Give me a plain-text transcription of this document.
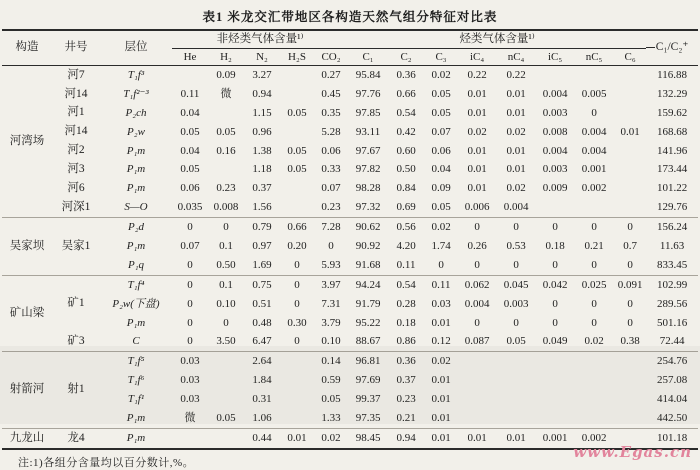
表1 米龙交汇带地区各构造天然气组分特征对比表
构造	井号	层位	非烃类气体含量¹⁾					烃类气体含量¹⁾								C₁/C₂⁺
			He	H₂	N₂	H₂S	CO₂	C₁	C₂	C₃	iC₄	nC₄	iC₅	nC₅	C₆	
河湾场	河7	T₁f³		0.09	3.27		0.27	95.84	0.36	0.02	0.22	0.22				116.88
	河14	T₁f²⁻³	0.11	微	0.94		0.45	97.76	0.66	0.05	0.01	0.01	0.004	0.005		132.29
	河1	P₂ch	0.04		1.15	0.05	0.35	97.85	0.54	0.05	0.01	0.01	0.003	0		159.62
	河14	P₂w	0.05	0.05	0.96		5.28	93.11	0.42	0.07	0.02	0.02	0.008	0.004	0.01	168.68
	河2	P₁m	0.04	0.16	1.38	0.05	0.06	97.67	0.60	0.06	0.01	0.01	0.004	0.004		141.96
	河3	P₁m	0.05		1.18	0.05	0.33	97.82	0.50	0.04	0.01	0.01	0.003	0.001		173.44
	河6	P₁m	0.06	0.23	0.37		0.07	98.28	0.84	0.09	0.01	0.02	0.009	0.002		101.22
	河深1	S—O	0.035	0.008	1.56		0.23	97.32	0.69	0.05	0.006	0.004				129.76
吴家坝	吴家1	P₂d	0	0	0.79	0.66	7.28	90.62	0.56	0.02	0	0	0	0	0	156.24
		P₁m	0.07	0.1	0.97	0.20	0	90.92	4.20	1.74	0.26	0.53	0.18	0.21	0.7	11.63
		P₁q	0	0.50	1.69	0	5.93	91.68	0.11	0	0	0	0	0	0	833.45
矿山梁	矿1	T₁f⁴	0	0.1	0.75	0	3.97	94.24	0.54	0.11	0.062	0.045	0.042	0.025	0.091	102.99
		P₂w(下盘)	0	0.10	0.51	0	7.31	91.79	0.28	0.03	0.004	0.003	0	0	0	289.56
		P₁m	0	0	0.48	0.30	3.79	95.22	0.18	0.01	0	0	0	0	0	501.16
	矿3	C	0	3.50	6.47	0	0.10	88.67	0.86	0.12	0.087	0.05	0.049	0.02	0.38	72.44
射箭河	射1	T₁f⁵	0.03		2.64		0.14	96.81	0.36	0.02						254.76
		T₁f⁶	0.03		1.84		0.59	97.69	0.37	0.01						257.08
		T₁f¹	0.03		0.31		0.05	99.37	0.23	0.01						414.04
		P₁m	微	0.05	1.06		1.33	97.35	0.21	0.01						442.50
九龙山	龙4	P₁m			0.44	0.01	0.02	98.45	0.94	0.01	0.01	0.01	0.001	0.002		101.18
注:1)各组分含量均以百分数计,%。
www.Egas.cn
